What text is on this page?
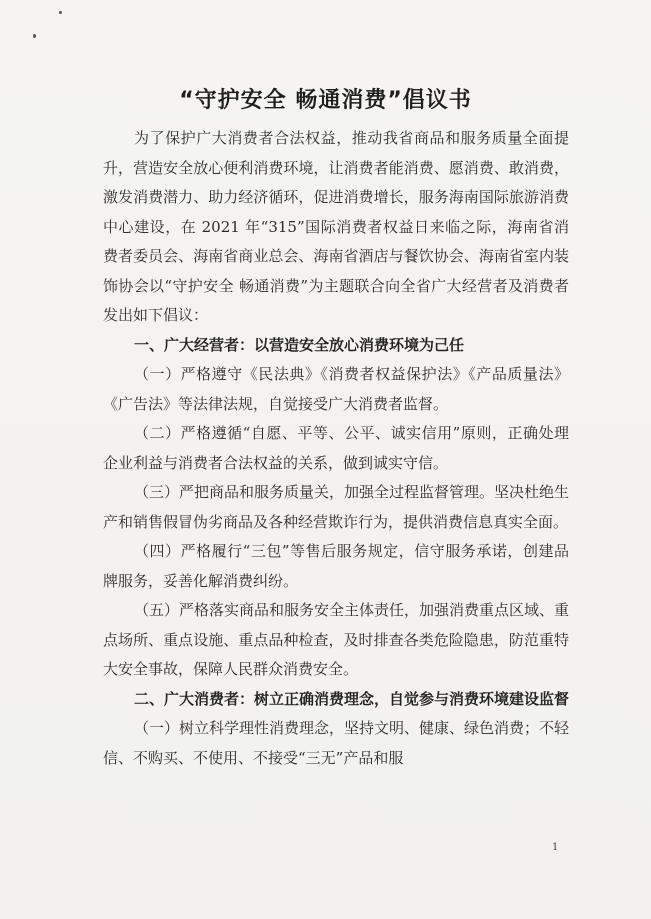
“守护安全 畅通消费”倡议书

为了保护广大消费者合法权益，推动我省商品和服务质量全面提升，营造安全放心便利消费环境，让消费者能消费、愿消费、敢消费，激发消费潜力、助力经济循环，促进消费增长，服务海南国际旅游消费中心建设，在 2021 年“315”国际消费者权益日来临之际，海南省消费者委员会、海南省商业总会、海南省酒店与餐饮协会、海南省室内装饰协会以“守护安全 畅通消费”为主题联合向全省广大经营者及消费者发出如下倡议：

一、广大经营者：以营造安全放心消费环境为己任

（一）严格遵守《民法典》《消费者权益保护法》《产品质量法》《广告法》等法律法规，自觉接受广大消费者监督。

（二）严格遵循“自愿、平等、公平、诚实信用”原则，正确处理企业利益与消费者合法权益的关系，做到诚实守信。

（三）严把商品和服务质量关，加强全过程监督管理。坚决杜绝生产和销售假冒伪劣商品及各种经营欺诈行为，提供消费信息真实全面。

（四）严格履行“三包”等售后服务规定，信守服务承诺，创建品牌服务，妥善化解消费纠纷。

（五）严格落实商品和服务安全主体责任，加强消费重点区域、重点场所、重点设施、重点品种检查，及时排查各类危险隐患，防范重特大安全事故，保障人民群众消费安全。

二、广大消费者：树立正确消费理念，自觉参与消费环境建设监督

（一）树立科学理性消费理念，坚持文明、健康、绿色消费；不轻信、不购买、不使用、不接受“三无”产品和服

1
